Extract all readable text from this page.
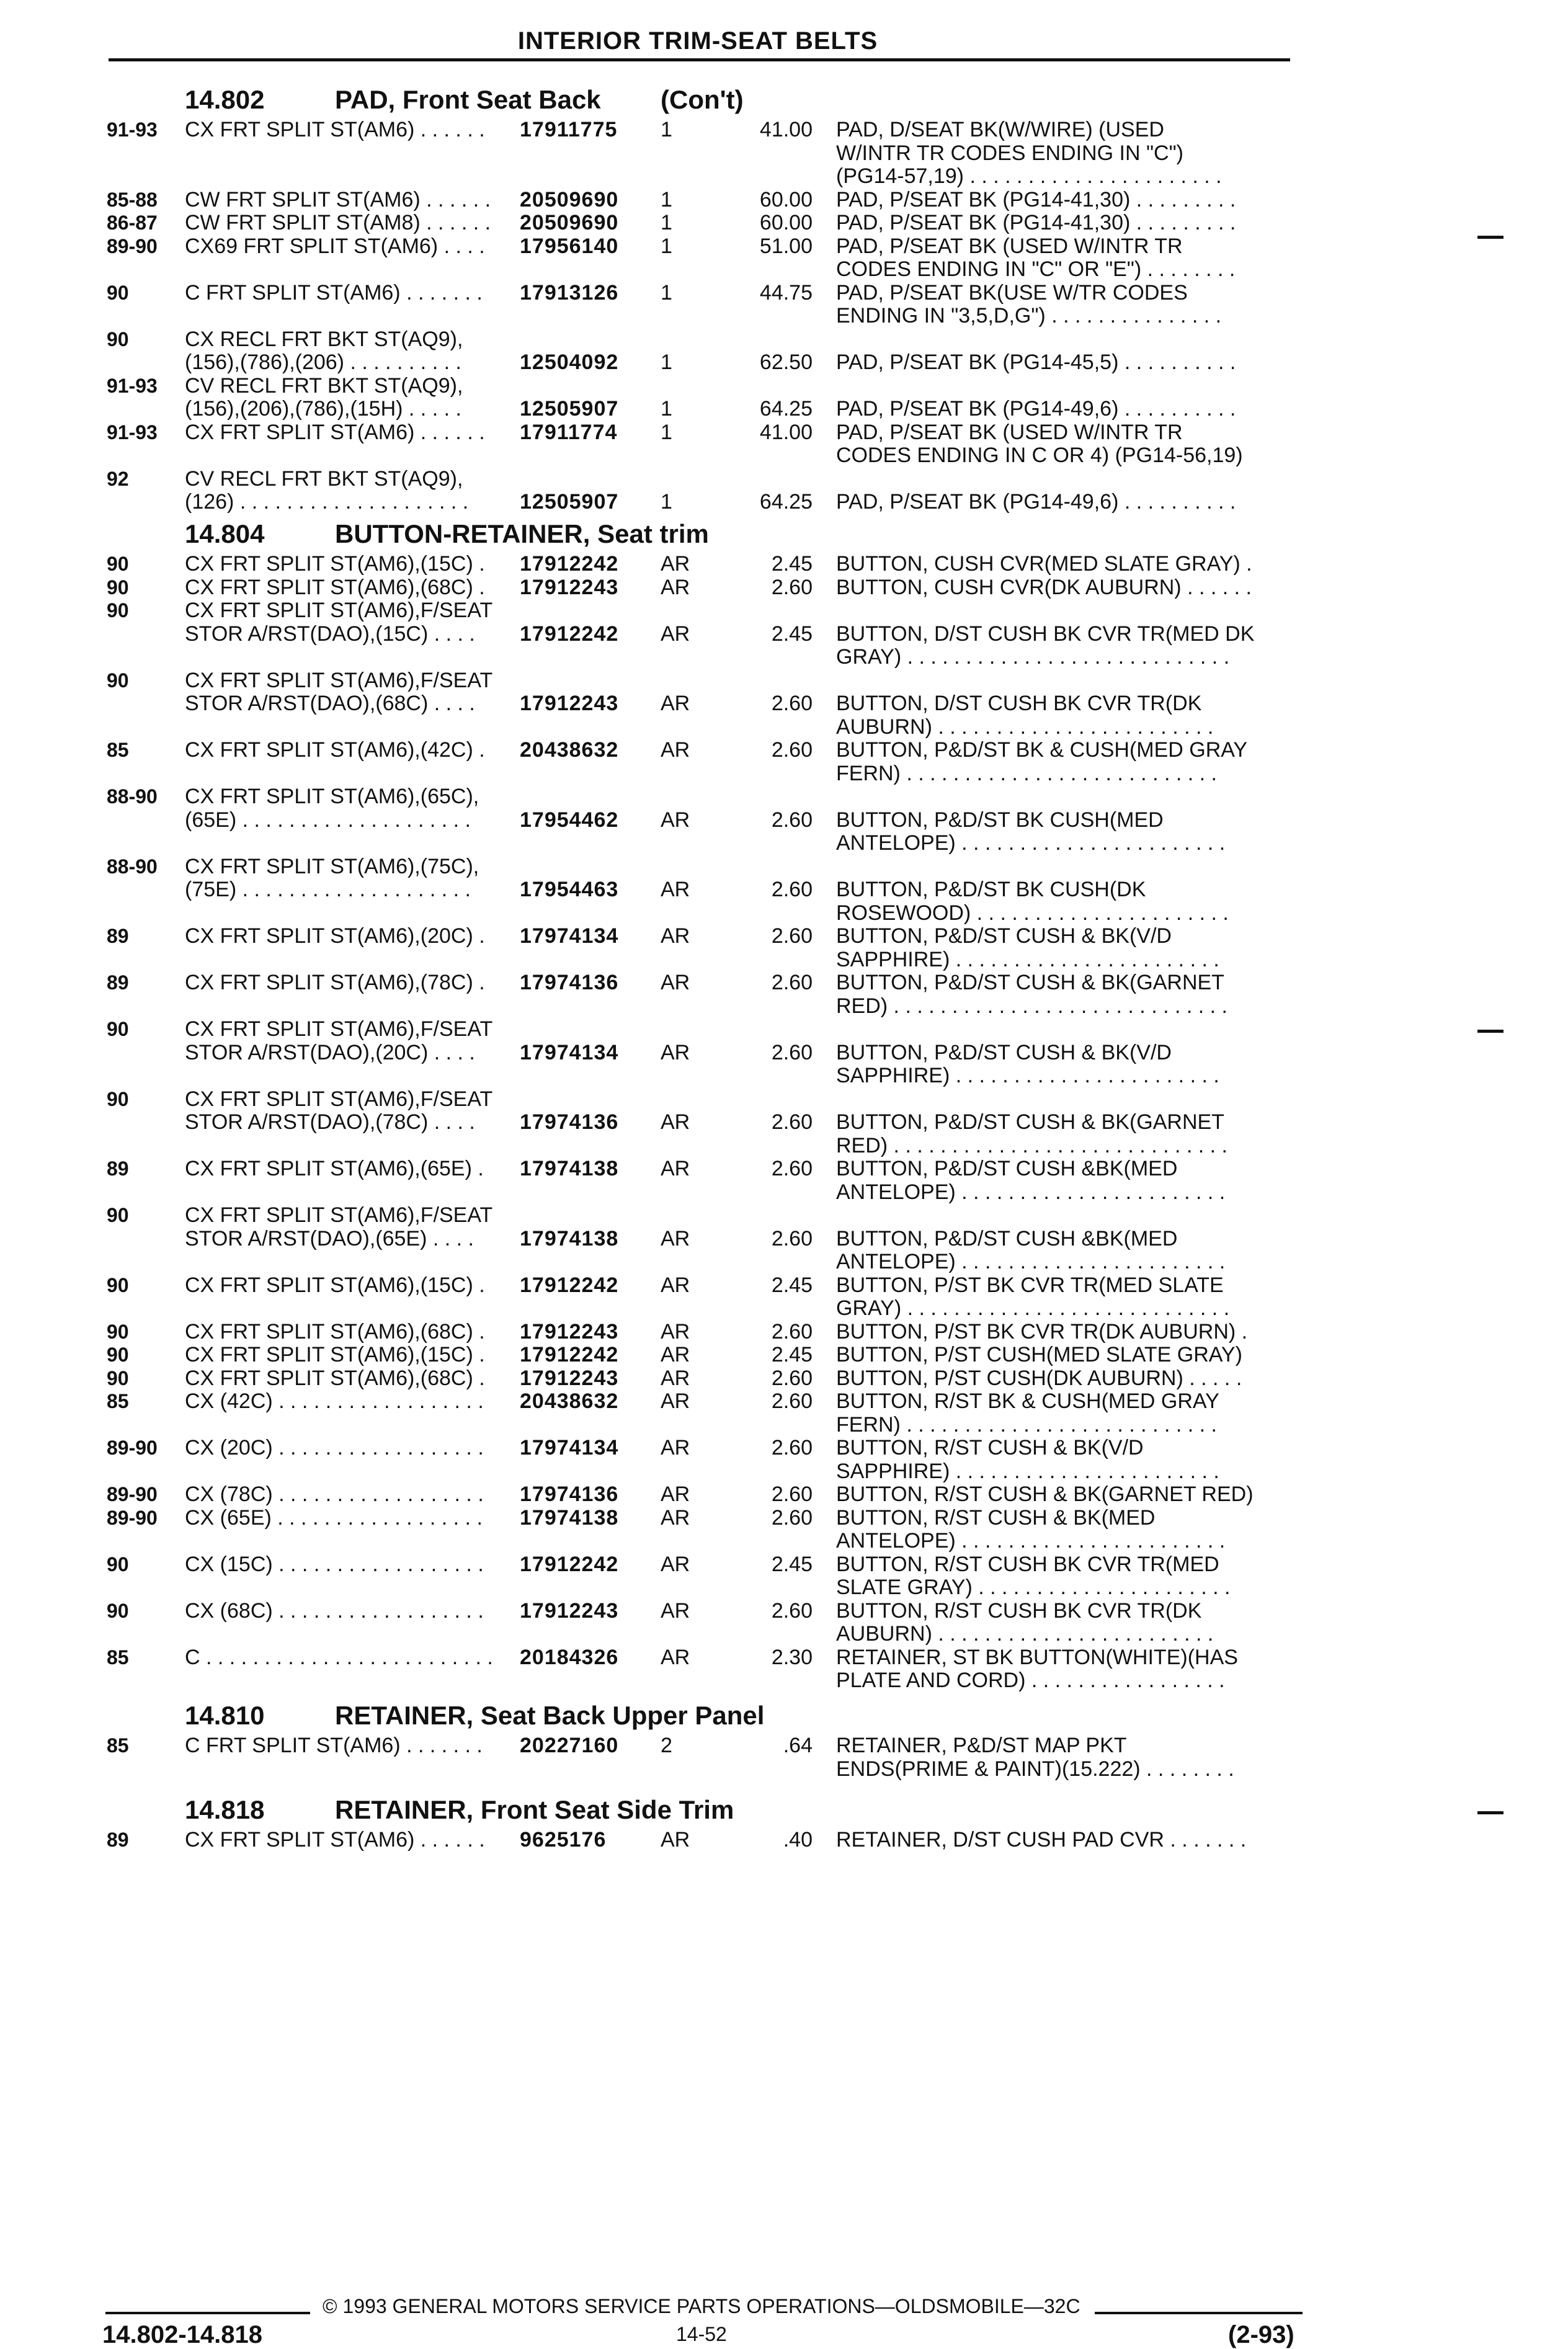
INTERIOR TRIM-SEAT BELTS
14.802	PAD, Front Seat Back (Con't)
91-93 CX FRT SPLIT ST(AM6) . . . . . . 17911775 1	41.00 PAD, D/SEAT BK(W/WIRE) (USED
W/INTR TR CODES ENDING IN "C")
(PG14-57,19) . . . . . . . . . . . . . . . . . . . . . .
85-88 CW FRT SPLIT ST(AM6) . . . . . . 20509690 1	60.00 PAD, P/SEAT BK (PG14-41,30) . . . . . . . . .
86-87 CW FRT SPLIT ST(AM8) . . . . . . 20509690 1	60.00 PAD, P/SEAT BK (PG14-41,30) . . . . . . . . .
89-90 CX69 FRT SPLIT ST(AM6) . . . . 17956140 1	51.00 PAD, P/SEAT BK (USED W/INTR TR
CODES ENDING IN "C" OR "E") . . . . . . . .
90	C FRT SPLIT ST(AM6) . . . . . . . 17913126 1	44.75 PAD, P/SEAT BK(USE W/TR CODES
ENDING IN "3,5,D,G") . . . . . . . . . . . . . . .
90	CX RECL FRT BKT ST(AQ9),
(156),(786),(206) . . . . . . . . . .	12504092 1	62.50 PAD, P/SEAT BK (PG14-45,5) . . . . . . . . . .
91-93 CV RECL FRT BKT ST(AQ9),
(156),(206),(786),(15H) . . . . .	12505907 1	64.25 PAD, P/SEAT BK (PG14-49,6) . . . . . . . . . .
91-93 CX FRT SPLIT ST(AM6) . . . . . . 17911774 1	41.00 PAD, P/SEAT BK (USED W/INTR TR
CODES ENDING IN C OR 4) (PG14-56,19)
92	CV RECL FRT BKT ST(AQ9),
(126) . . . . . . . . . . . . . . . . . . . . 12505907 1	64.25 PAD, P/SEAT BK (PG14-49,6) . . . . . . . . . .
14.804	BUTTON-RETAINER, Seat trim
90	CX FRT SPLIT ST(AM6),(15C) . 17912242 AR	2.45 BUTTON, CUSH CVR(MED SLATE GRAY) .
90	CX FRT SPLIT ST(AM6),(68C) . 17912243 AR	2.60 BUTTON, CUSH CVR(DK AUBURN) . . . . . .
90	CX FRT SPLIT ST(AM6),F/SEAT
STOR A/RST(DAO),(15C) . . . . 17912242 AR	2.45 BUTTON, D/ST CUSH BK CVR TR(MED DK
GRAY) . . . . . . . . . . . . . . . . . . . . . . . . . . . .
90	CX FRT SPLIT ST(AM6),F/SEAT
STOR A/RST(DAO),(68C) . . . . 17912243 AR	2.60 BUTTON, D/ST CUSH BK CVR TR(DK
AUBURN) . . . . . . . . . . . . . . . . . . . . . . . .
85	CX FRT SPLIT ST(AM6),(42C) . 20438632 AR	2.60 BUTTON, P&D/ST BK & CUSH(MED GRAY
FERN) . . . . . . . . . . . . . . . . . . . . . . . . . . .
88-90 CX FRT SPLIT ST(AM6),(65C),
(65E) . . . . . . . . . . . . . . . . . . . . 17954462 AR	2.60 BUTTON, P&D/ST BK CUSH(MED
ANTELOPE) . . . . . . . . . . . . . . . . . . . . . . .
88-90 CX FRT SPLIT ST(AM6),(75C),
(75E) . . . . . . . . . . . . . . . . . . . . 17954463 AR	2.60 BUTTON, P&D/ST BK CUSH(DK
ROSEWOOD) . . . . . . . . . . . . . . . . . . . . . .
89	CX FRT SPLIT ST(AM6),(20C) . 17974134 AR	2.60 BUTTON, P&D/ST CUSH & BK(V/D
SAPPHIRE) . . . . . . . . . . . . . . . . . . . . . . .
89	CX FRT SPLIT ST(AM6),(78C) . 17974136 AR	2.60 BUTTON, P&D/ST CUSH & BK(GARNET
RED) . . . . . . . . . . . . . . . . . . . . . . . . . . . . .
90	CX FRT SPLIT ST(AM6),F/SEAT
STOR A/RST(DAO),(20C) . . . . 17974134 AR	2.60 BUTTON, P&D/ST CUSH & BK(V/D
SAPPHIRE) . . . . . . . . . . . . . . . . . . . . . . .
90	CX FRT SPLIT ST(AM6),F/SEAT
STOR A/RST(DAO),(78C) . . . . 17974136 AR	2.60 BUTTON, P&D/ST CUSH & BK(GARNET
RED) . . . . . . . . . . . . . . . . . . . . . . . . . . . . .
89	CX FRT SPLIT ST(AM6),(65E) . 17974138 AR	2.60 BUTTON, P&D/ST CUSH &BK(MED
ANTELOPE) . . . . . . . . . . . . . . . . . . . . . . .
90	CX FRT SPLIT ST(AM6),F/SEAT
STOR A/RST(DAO),(65E) . . . . 17974138 AR	2.60 BUTTON, P&D/ST CUSH &BK(MED
ANTELOPE) . . . . . . . . . . . . . . . . . . . . . . .
90	CX FRT SPLIT ST(AM6),(15C) . 17912242 AR	2.45 BUTTON, P/ST BK CVR TR(MED SLATE
GRAY) . . . . . . . . . . . . . . . . . . . . . . . . . . . .
90	CX FRT SPLIT ST(AM6),(68C) . 17912243 AR	2.60 BUTTON, P/ST BK CVR TR(DK AUBURN) .
90	CX FRT SPLIT ST(AM6),(15C) . 17912242 AR	2.45 BUTTON, P/ST CUSH(MED SLATE GRAY)
90	CX FRT SPLIT ST(AM6),(68C) . 17912243 AR	2.60 BUTTON, P/ST CUSH(DK AUBURN) . . . . .
85	CX (42C) . . . . . . . . . . . . . . . . . . 20438632 AR	2.60 BUTTON, R/ST BK & CUSH(MED GRAY
FERN) . . . . . . . . . . . . . . . . . . . . . . . . . . .
89-90 CX (20C) . . . . . . . . . . . . . . . . . . 17974134 AR	2.60 BUTTON, R/ST CUSH & BK(V/D
SAPPHIRE) . . . . . . . . . . . . . . . . . . . . . . .
89-90 CX (78C) . . . . . . . . . . . . . . . . . . 17974136 AR	2.60 BUTTON, R/ST CUSH & BK(GARNET RED)
89-90 CX (65E) . . . . . . . . . . . . . . . . . . 17974138 AR	2.60 BUTTON, R/ST CUSH & BK(MED
ANTELOPE) . . . . . . . . . . . . . . . . . . . . . . .
90	CX (15C) . . . . . . . . . . . . . . . . . . 17912242 AR	2.45 BUTTON, R/ST CUSH BK CVR TR(MED
SLATE GRAY) . . . . . . . . . . . . . . . . . . . . . .
90	CX (68C) . . . . . . . . . . . . . . . . . . 17912243 AR	2.60 BUTTON, R/ST CUSH BK CVR TR(DK
AUBURN) . . . . . . . . . . . . . . . . . . . . . . . .
85	C . . . . . . . . . . . . . . . . . . . . . . . . . 20184326 AR	2.30 RETAINER, ST BK BUTTON(WHITE)(HAS
PLATE AND CORD) . . . . . . . . . . . . . . . . .
14.810	RETAINER, Seat Back Upper Panel
85	C FRT SPLIT ST(AM6) . . . . . . . 20227160 2	.64 RETAINER, P&D/ST MAP PKT
ENDS(PRIME & PAINT)(15.222) . . . . . . . .
14.818	RETAINER, Front Seat Side Trim
89	CX FRT SPLIT ST(AM6) . . . . . . 9625176	AR	.40 RETAINER, D/ST CUSH PAD CVR . . . . . . .
© 1993 GENERAL MOTORS SERVICE PARTS OPERATIONS—OLDSMOBILE—32C
14.802-14.818	14-52	(2-93)
